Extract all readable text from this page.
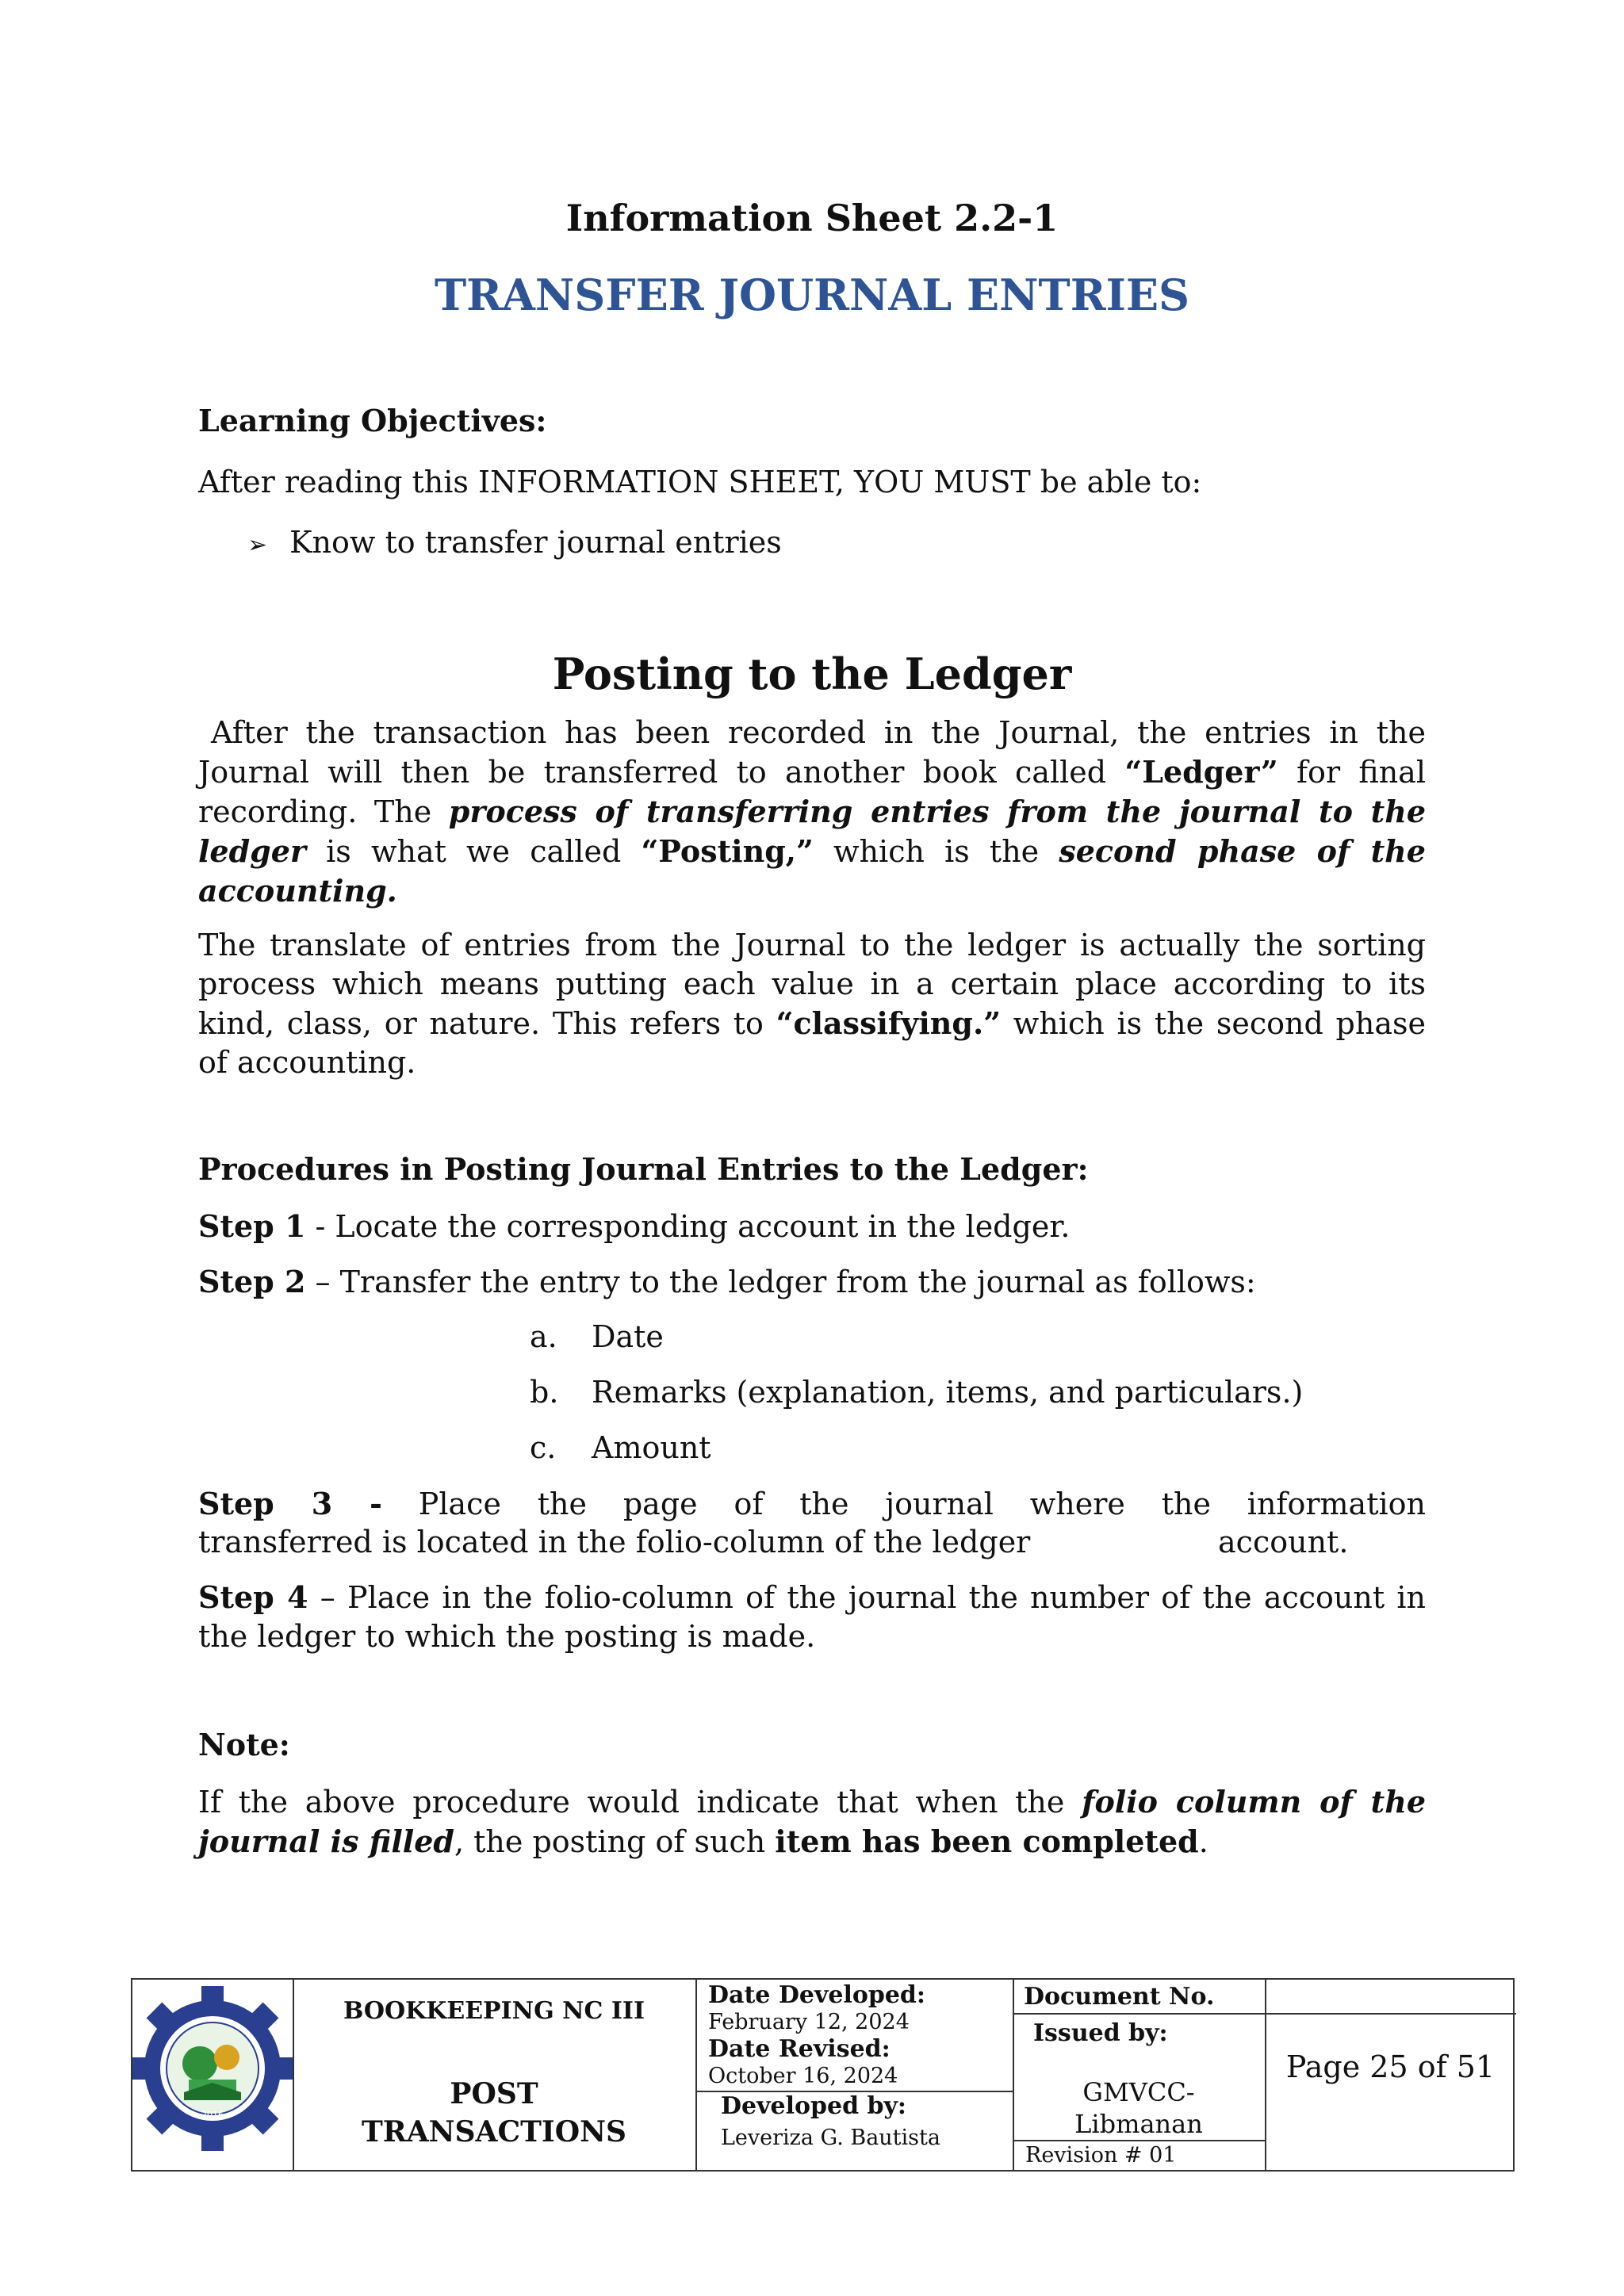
Information Sheet 2.2-1
TRANSFER JOURNAL ENTRIES
Learning Objectives:
After reading this INFORMATION SHEET, YOU MUST be able to:
➢ Know to transfer journal entries
Posting to the Ledger
After the transaction has been recorded in the Journal, the entries in the Journal will then be transferred to another book called “Ledger” for final recording. The process of transferring entries from the journal to the ledger is what we called “Posting,” which is the second phase of the accounting.
The translate of entries from the Journal to the ledger is actually the sorting process which means putting each value in a certain place according to its kind, class, or nature. This refers to “classifying.” which is the second phase of accounting.
Procedures in Posting Journal Entries to the Ledger:
Step 1 - Locate the corresponding account in the ledger.
Step 2 – Transfer the entry to the ledger from the journal as follows:
a. Date
b. Remarks (explanation, items, and particulars.)
c. Amount
Step 3 - Place the page of the journal where the information
transferred is located in the folio-column of the ledger	account.
Step 4 – Place in the folio-column of the journal the number of the account in the ledger to which the posting is made.
Note:
If the above procedure would indicate that when the folio column of the journal is filled, the posting of such item has been completed.
2016
BOOKKEEPING NC III
POST TRANSACTIONS
Date Developed:
February 12, 2024
Date Revised:
October 16, 2024
Developed by:
Leveriza G. Bautista
Document No.
Issued by:
GMVCC-
Libmanan
Revision # 01
Page 25 of 51
